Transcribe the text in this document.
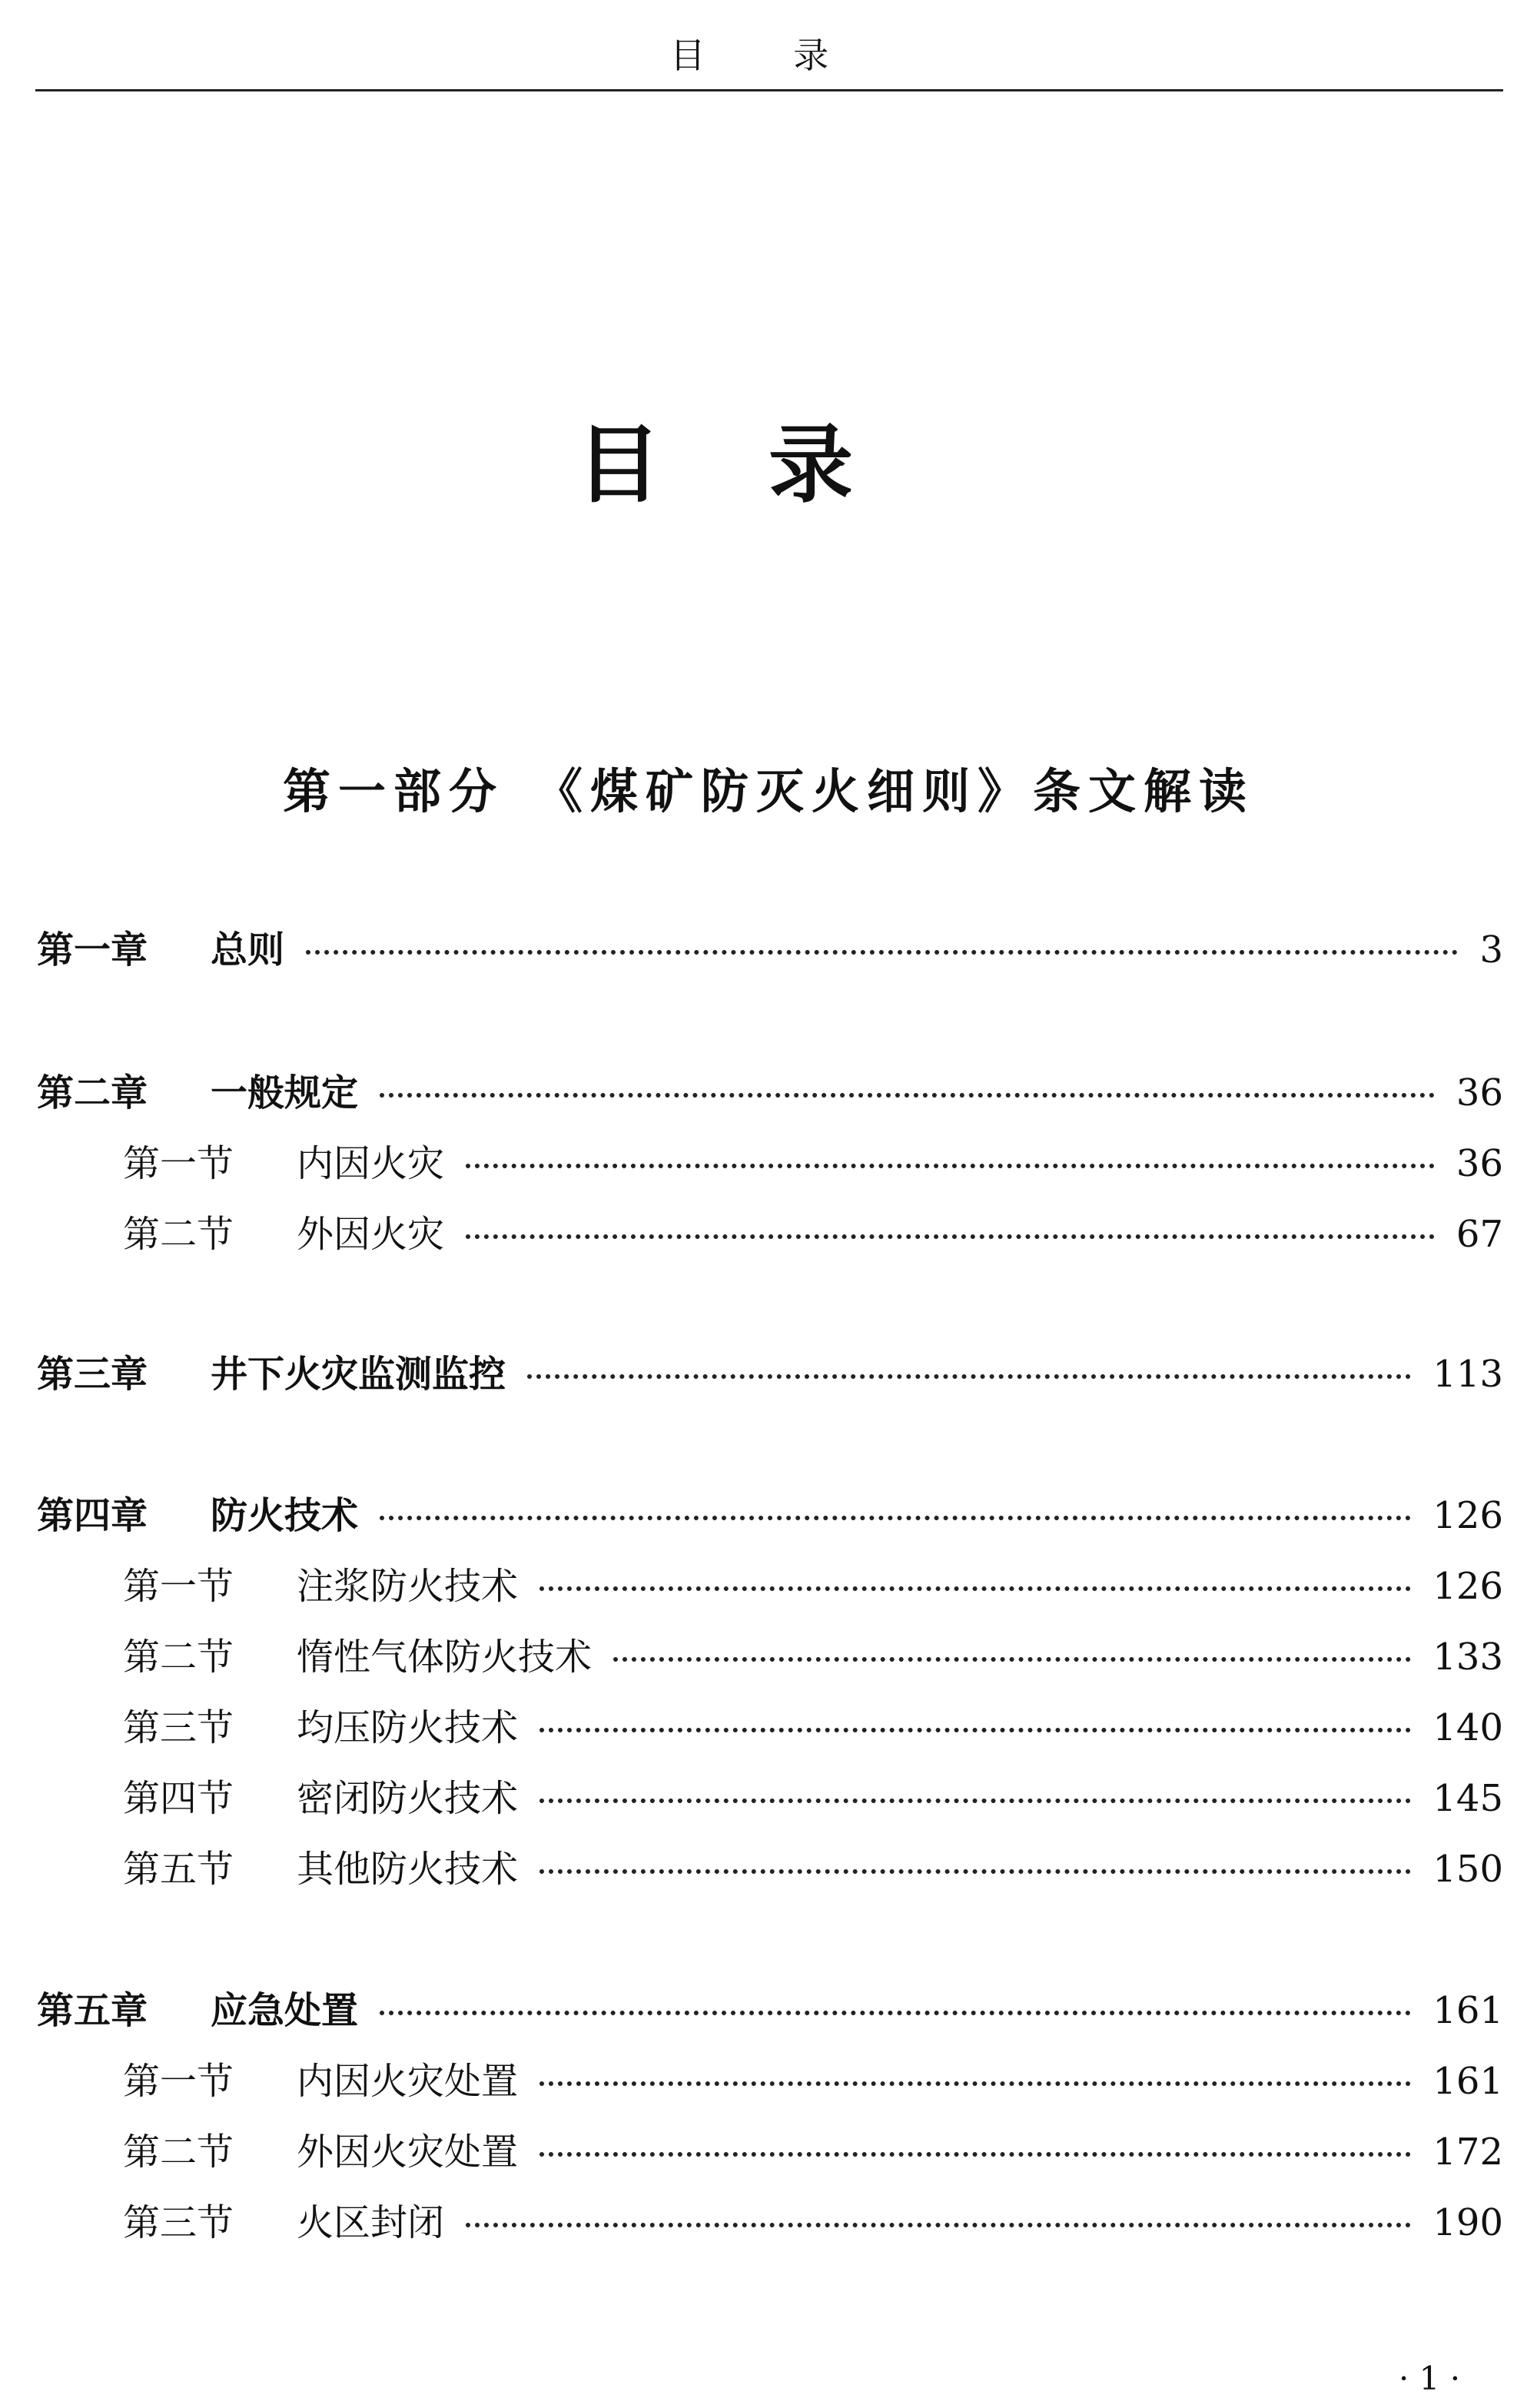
目 录
目录
第一部分 《煤矿防灭火细则》条文解读
第一章	总则	3
第二章	一般规定	36
第一节	内因火灾	36
第二节	外因火灾	67
第三章	井下火灾监测监控	113
第四章	防火技术	126
第一节	注浆防火技术	126
第二节	惰性气体防火技术	133
第三节	均压防火技术	140
第四节	密闭防火技术	145
第五节	其他防火技术	150
第五章	应急处置	161
第一节	内因火灾处置	161
第二节	外因火灾处置	172
第三节	火区封闭	190
· 1 ·
